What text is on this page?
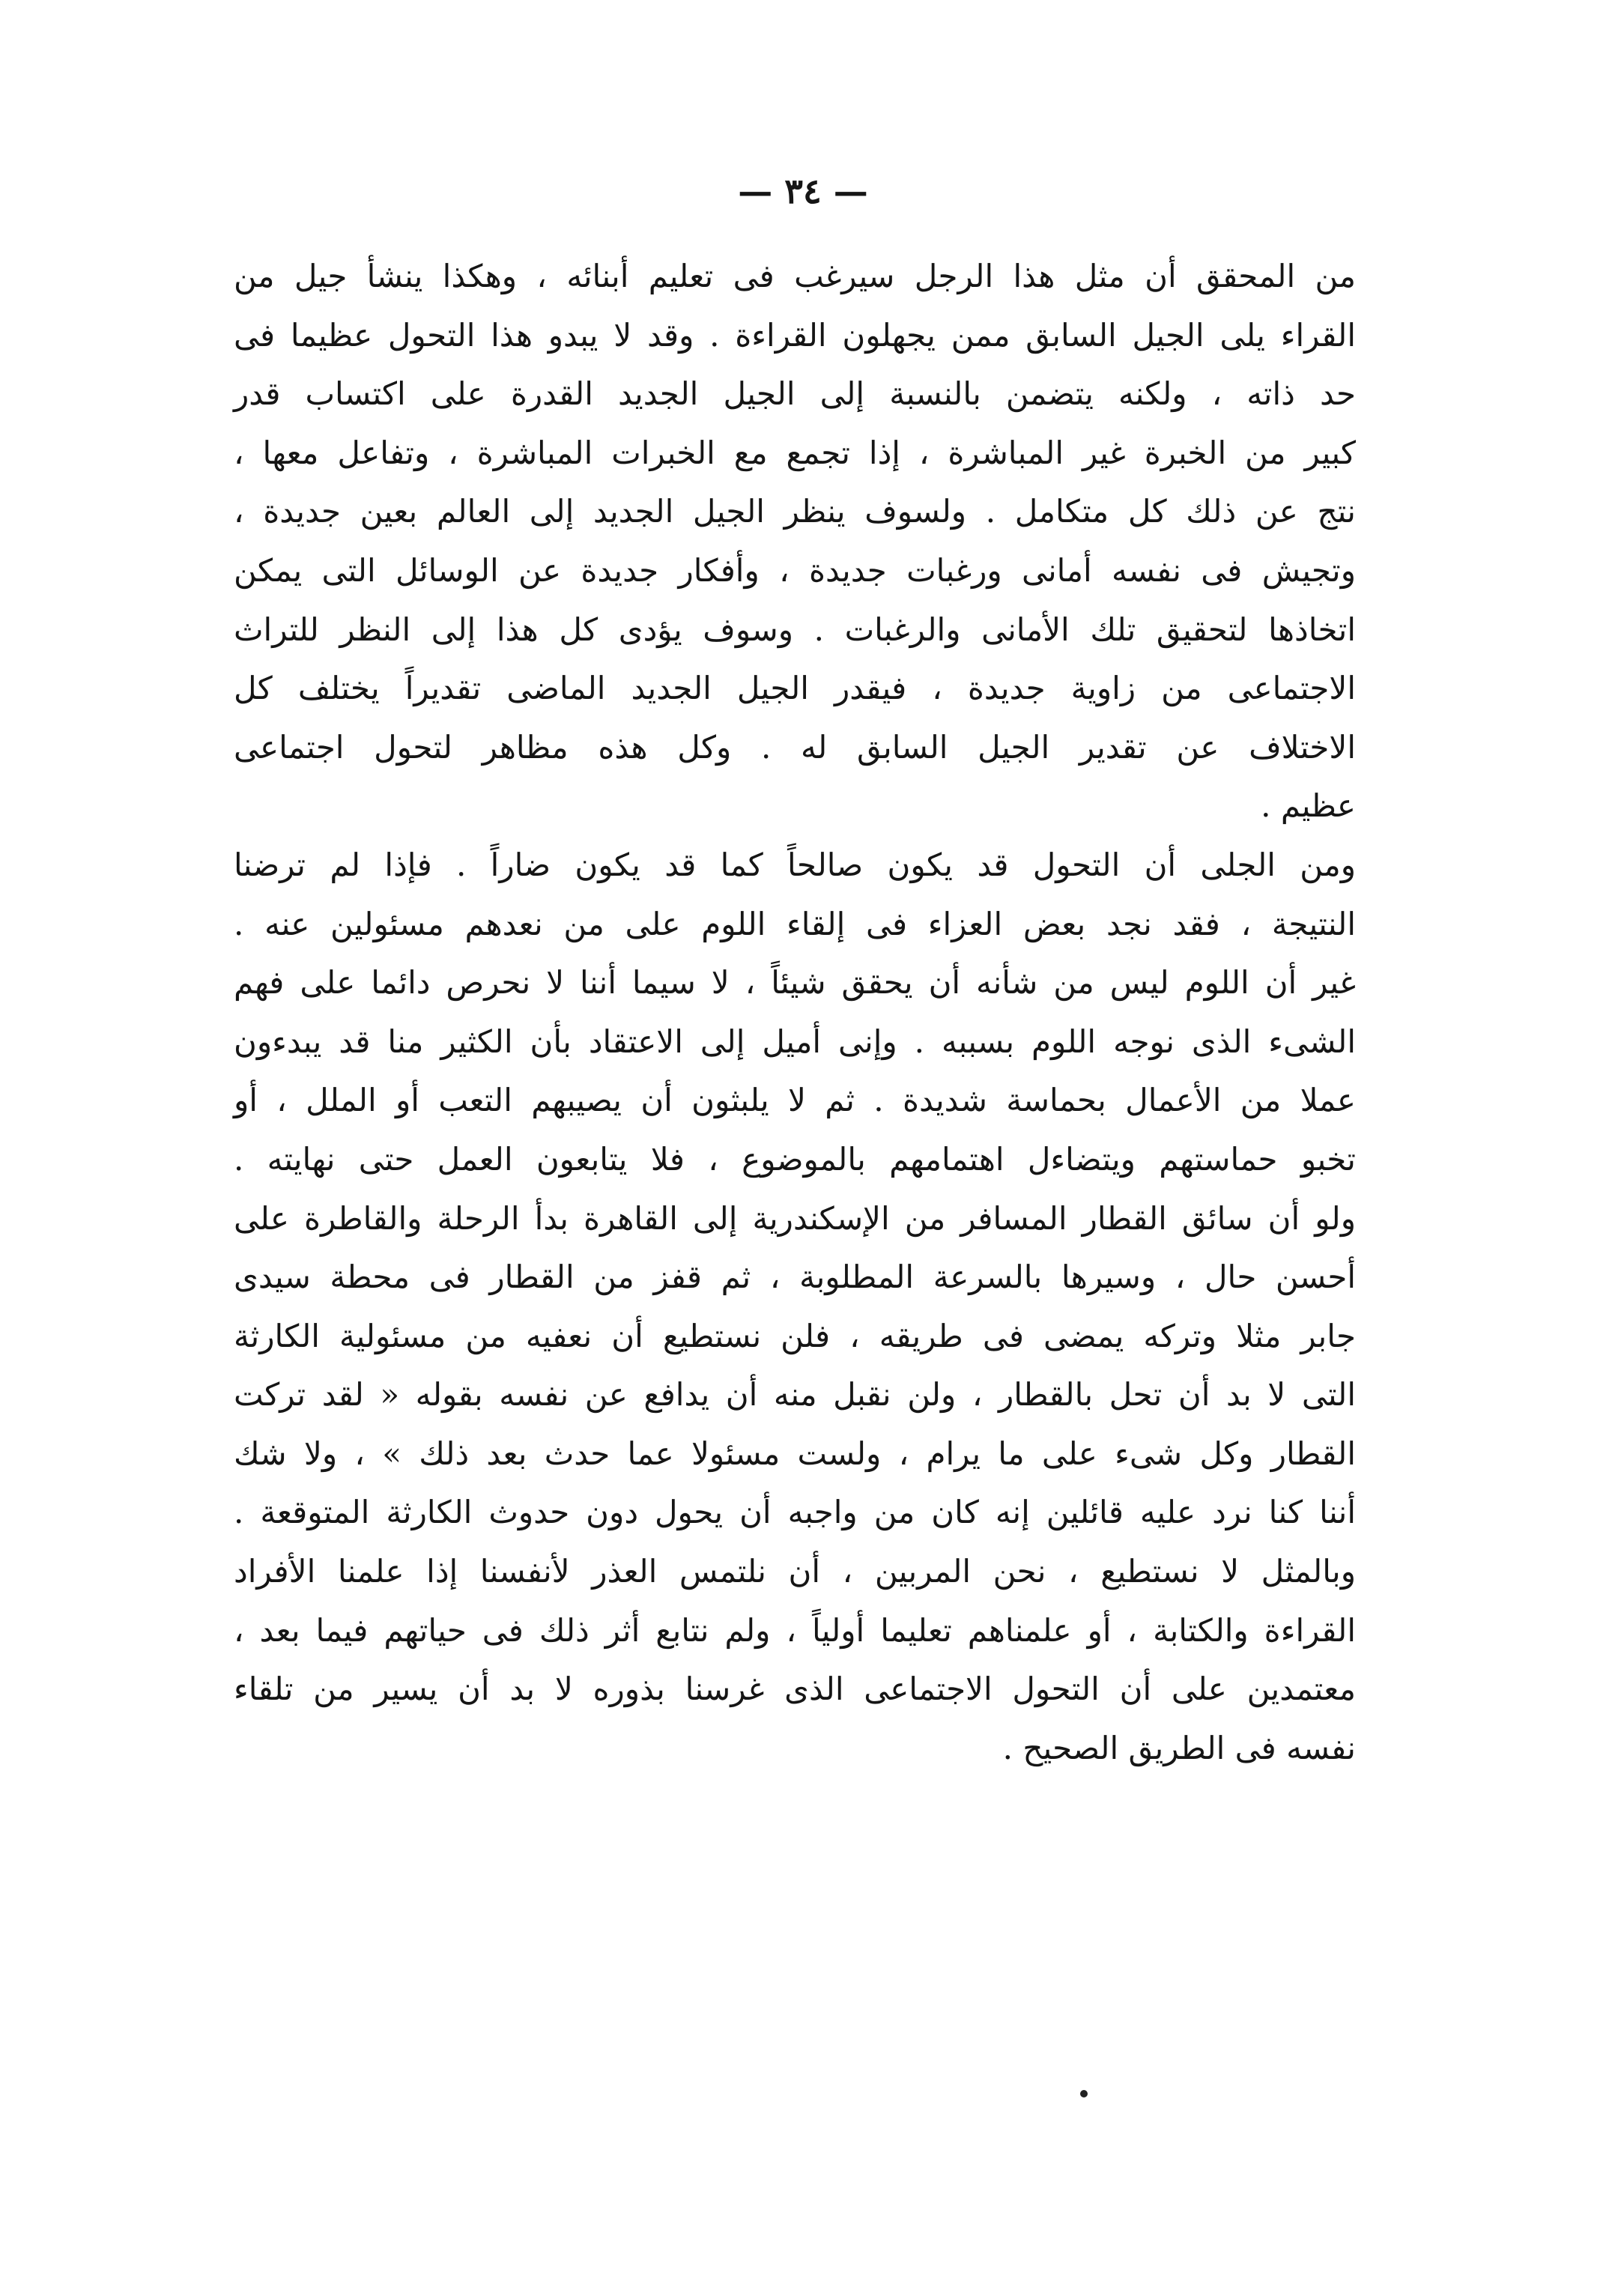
— ٣٤ —
من المحقق أن مثل هذا الرجل سيرغب فى تعليم أبنائه ، وهكذا ينشأ جيل من
القراء يلى الجيل السابق ممن يجهلون القراءة . وقد لا يبدو هذا التحول عظيما فى
حد ذاته ، ولكنه يتضمن بالنسبة إلى الجيل الجديد القدرة على اكتساب قدر
كبير من الخبرة غير المباشرة ، إذا تجمع مع الخبرات المباشرة ، وتفاعل معها ،
نتج عن ذلك كل متكامل . ولسوف ينظر الجيل الجديد إلى العالم بعين جديدة ،
وتجيش فى نفسه أمانى ورغبات جديدة ، وأفكار جديدة عن الوسائل التى يمكن
اتخاذها لتحقيق تلك الأمانى والرغبات . وسوف يؤدى كل هذا إلى النظر للتراث
الاجتماعى من زاوية جديدة ، فيقدر الجيل الجديد الماضى تقديراً يختلف كل
الاختلاف عن تقدير الجيل السابق له . وكل هذه مظاهر لتحول اجتماعى
عظيم .
ومن الجلى أن التحول قد يكون صالحاً كما قد يكون ضاراً . فإذا لم ترضنا
النتيجة ، فقد نجد بعض العزاء فى إلقاء اللوم على من نعدهم مسئولين عنه .
غير أن اللوم ليس من شأنه أن يحقق شيئاً ، لا سيما أننا لا نحرص دائما على فهم
الشىء الذى نوجه اللوم بسببه . وإنى أميل إلى الاعتقاد بأن الكثير منا قد يبدءون
عملا من الأعمال بحماسة شديدة . ثم لا يلبثون أن يصيبهم التعب أو الملل ، أو
تخبو حماستهم ويتضاءل اهتمامهم بالموضوع ، فلا يتابعون العمل حتى نهايته .
ولو أن سائق القطار المسافر من الإسكندرية إلى القاهرة بدأ الرحلة والقاطرة على
أحسن حال ، وسيرها بالسرعة المطلوبة ، ثم قفز من القطار فى محطة سيدى
جابر مثلا وتركه يمضى فى طريقه ، فلن نستطيع أن نعفيه من مسئولية الكارثة
التى لا بد أن تحل بالقطار ، ولن نقبل منه أن يدافع عن نفسه بقوله « لقد تركت
القطار وكل شىء على ما يرام ، ولست مسئولا عما حدث بعد ذلك » ، ولا شك
أننا كنا نرد عليه قائلين إنه كان من واجبه أن يحول دون حدوث الكارثة المتوقعة .
وبالمثل لا نستطيع ، نحن المربين ، أن نلتمس العذر لأنفسنا إذا علمنا الأفراد
القراءة والكتابة ، أو علمناهم تعليما أولياً ، ولم نتابع أثر ذلك فى حياتهم فيما بعد ،
معتمدين على أن التحول الاجتماعى الذى غرسنا بذوره لا بد أن يسير من تلقاء
نفسه فى الطريق الصحيح .
